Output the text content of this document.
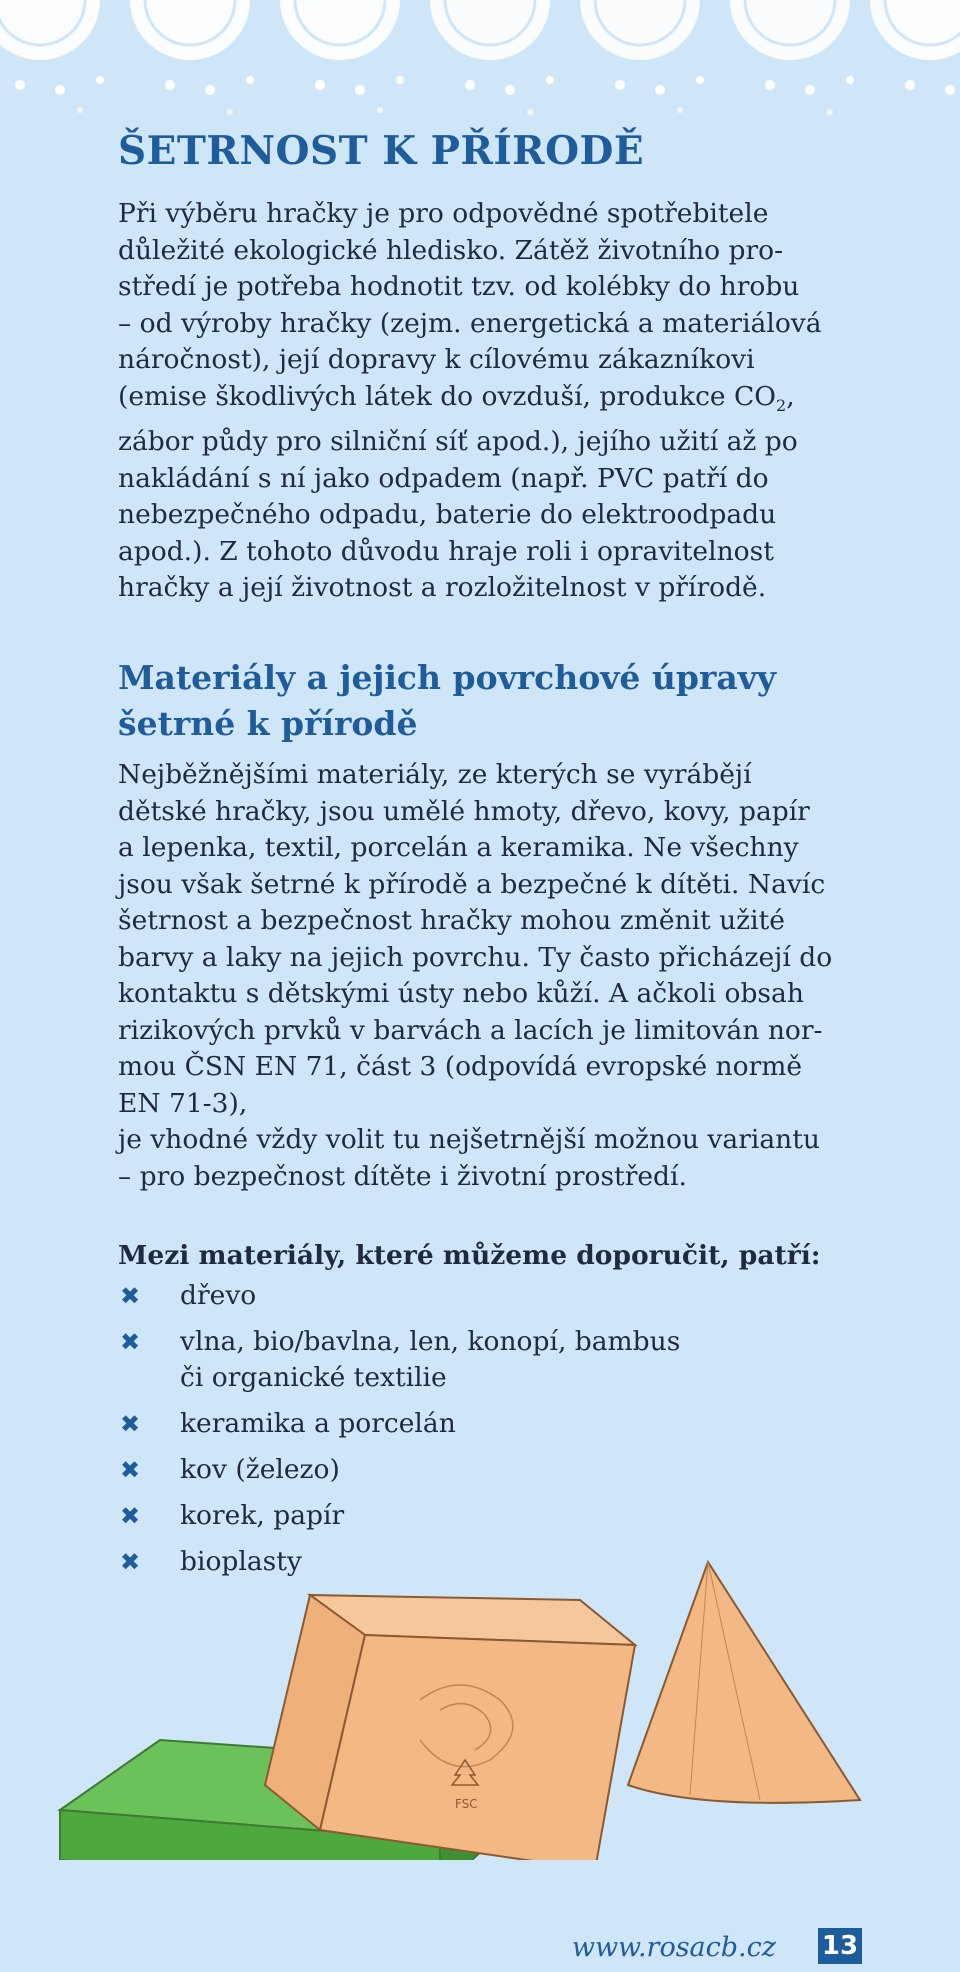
ŠETRNOST K PŘÍRODĚ

Při výběru hračky je pro odpovědné spotřebitele
důležité ekologické hledisko. Zátěž životního pro-
středí je potřeba hodnotit tzv. od kolébky do hrobu
– od výroby hračky (zejm. energetická a materiálová
náročnost), její dopravy k cílovému zákazníkovi
(emise škodlivých látek do ovzduší, produkce $CO_2$,
zábor půdy pro silniční síť apod.), jejího užití až po
nakládání s ní jako odpadem (např. PVC patří do
nebezpečného odpadu, baterie do elektroodpadu
apod.). Z tohoto důvodu hraje roli i opravitelnost
hračky a její životnost a rozložitelnost v přírodě.

Materiály a jejich povrchové úpravy
šetrné k přírodě

Nejběžnějšími materiály, ze kterých se vyrábějí
dětské hračky, jsou umělé hmoty, dřevo, kovy, papír
a lepenka, textil, porcelán a keramika. Ne všechny
jsou však šetrné k přírodě a bezpečné k dítěti. Navíc
šetrnost a bezpečnost hračky mohou změnit užité
barvy a laky na jejich povrchu. Ty často přicházejí do
kontaktu s dětskými ústy nebo kůží. A ačkoli obsah
rizikových prvků v barvách a lacích je limitován nor-
mou ČSN EN 71, část 3 (odpovídá evropské normě
EN 71-3),
je vhodné vždy volit tu nejšetrnější možnou variantu
– pro bezpečnost dítěte i životní prostředí.

Mezi materiály, které můžeme doporučit, patří:

✖ dřevo
✖ vlna, bio/bavlna, len, konopí, bambus
či organické textilie
✖ keramika a porcelán
✖ kov (železo)
✖ korek, papír
✖ bioplasty
FSC
www.rosacb.cz 13
